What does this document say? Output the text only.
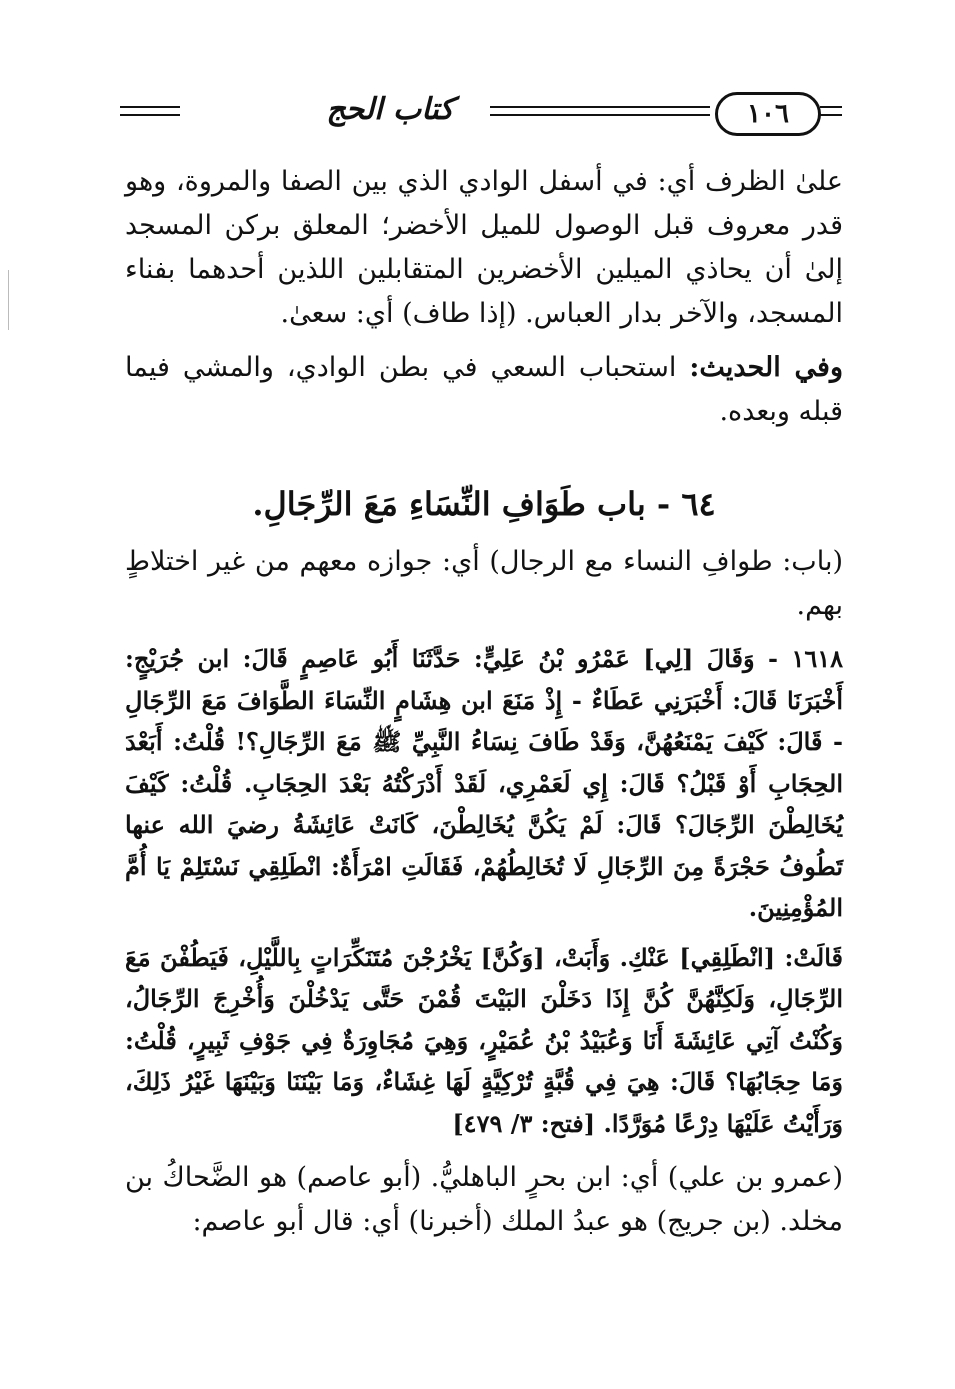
كتاب الحج	١٠٦

علىٰ الظرف أي: في أسفل الوادي الذي بين الصفا والمروة، وهو قدر معروف قبل الوصول للميل الأخضر؛ المعلق بركن المسجد إلىٰ أن يحاذي الميلين الأخضرين المتقابلين اللذين أحدهما بفناء المسجد، والآخر بدار العباس. (إذا طاف) أي: سعىٰ.

وفي الحديث: استحباب السعي في بطن الوادي، والمشي فيما قبله وبعده.

٦٤ - باب طَوَافِ النِّسَاءِ مَعَ الرِّجَالِ.

(باب: طوافِ النساء مع الرجال) أي: جوازه معهم من غير اختلاطٍ بهم.

١٦١٨ - وَقَالَ [لِي] عَمْرُو بْنُ عَلِيٍّ: حَدَّثَنَا أَبُو عَاصِمٍ قَالَ: ابن جُرَيْجٍ: أَخْبَرَنَا قَالَ: أَخْبَرَنِي عَطَاءٌ - إِذْ مَنَعَ ابن هِشَامٍ النِّسَاءَ الطَّوَافَ مَعَ الرِّجَالِ - قَالَ: كَيْفَ يَمْنَعُهُنَّ، وَقَدْ طَافَ نِسَاءُ النَّبِيِّ ﷺ مَعَ الرِّجَالِ؟! قُلْتُ: أَبَعْدَ الحِجَابِ أَوْ قَبْلُ؟ قَالَ: إِي لَعَمْرِي، لَقَدْ أَدْرَكْتُهُ بَعْدَ الحِجَابِ. قُلْتُ: كَيْفَ يُخَالِطْنَ الرِّجَالَ؟ قَالَ: لَمْ يَكُنَّ يُخَالِطْنَ، كَانَتْ عَائِشَةُ رضيَ الله عنها تَطُوفُ حَجْرَةً مِنَ الرِّجَالِ لَا تُخَالِطُهُمْ، فَقَالَتِ امْرَأَةٌ: انْطَلِقِي نَسْتَلِمْ يَا أُمَّ المُؤْمِنِينَ.

قَالَتْ: [انْطَلِقِي] عَنْكِ. وَأَبَتْ، [وَكُنَّ] يَخْرُجْنَ مُتَنَكِّرَاتٍ بِاللَّيْلِ، فَيَطُفْنَ مَعَ الرِّجَالِ، وَلَكِنَّهُنَّ كُنَّ إِذَا دَخَلْنَ البَيْتَ قُمْنَ حَتَّى يَدْخُلْنَ وَأُخْرِجَ الرِّجَالُ، وَكُنْتُ آتِي عَائِشَةَ أَنَا وَعُبَيْدُ بْنُ عُمَيْرٍ، وَهِيَ مُجَاوِرَةٌ فِي جَوْفِ ثَبِيرٍ، قُلْتُ: وَمَا حِجَابُهَا؟ قَالَ: هِيَ فِي قُبَّةٍ تُرْكِيَّةٍ لَهَا غِشَاءٌ، وَمَا بَيْنَنَا وَبَيْنَهَا غَيْرُ ذَلِكَ، وَرَأَيْتُ عَلَيْهَا دِرْعًا مُوَرَّدًا. [فتح: ٣/ ٤٧٩]

(عمرو بن علي) أي: ابن بحرٍ الباهليُّ. (أبو عاصم) هو الضَّحاكُ بن مخلد. (بن جريج) هو عبدُ الملك (أخبرنا) أي: قال أبو عاصم:
